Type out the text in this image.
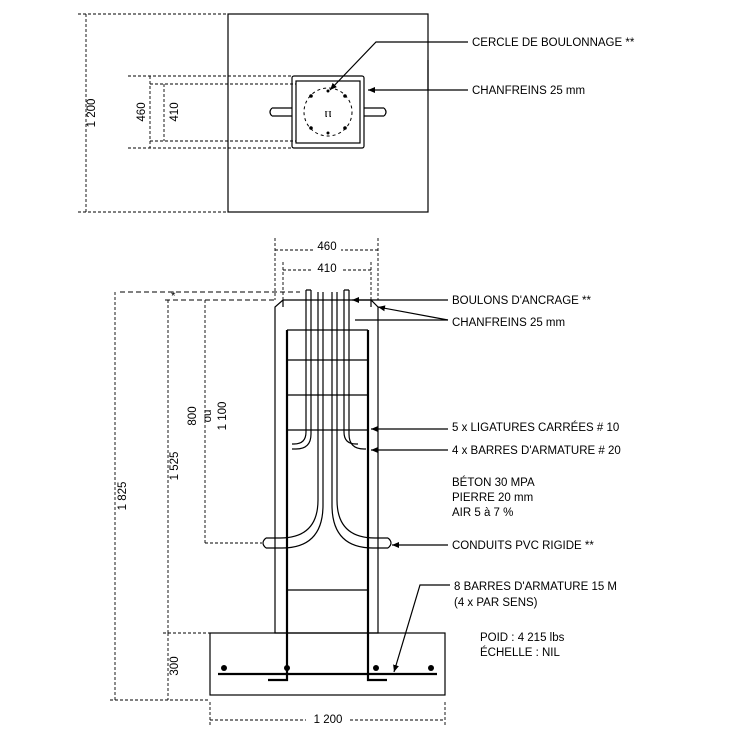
1 200	460 410	ⲡ
CERCLE DE BOULONNAGE **
CHANFREINS 25 mm
460
410
*
1 825
1 525
300
800 ou 1 100
1 200
BOULONS D'ANCRAGE **
CHANFREINS 25 mm
5 x LIGATURES CARRÉES # 10
4 x BARRES D'ARMATURE # 20
BÉTON 30 MPA
PIERRE 20 mm
AIR 5 à 7 %
CONDUITS PVC RIGIDE **
8 BARRES D'ARMATURE 15 M
(4 x PAR SENS)
POID : 4 215 lbs
ÉCHELLE : NIL
